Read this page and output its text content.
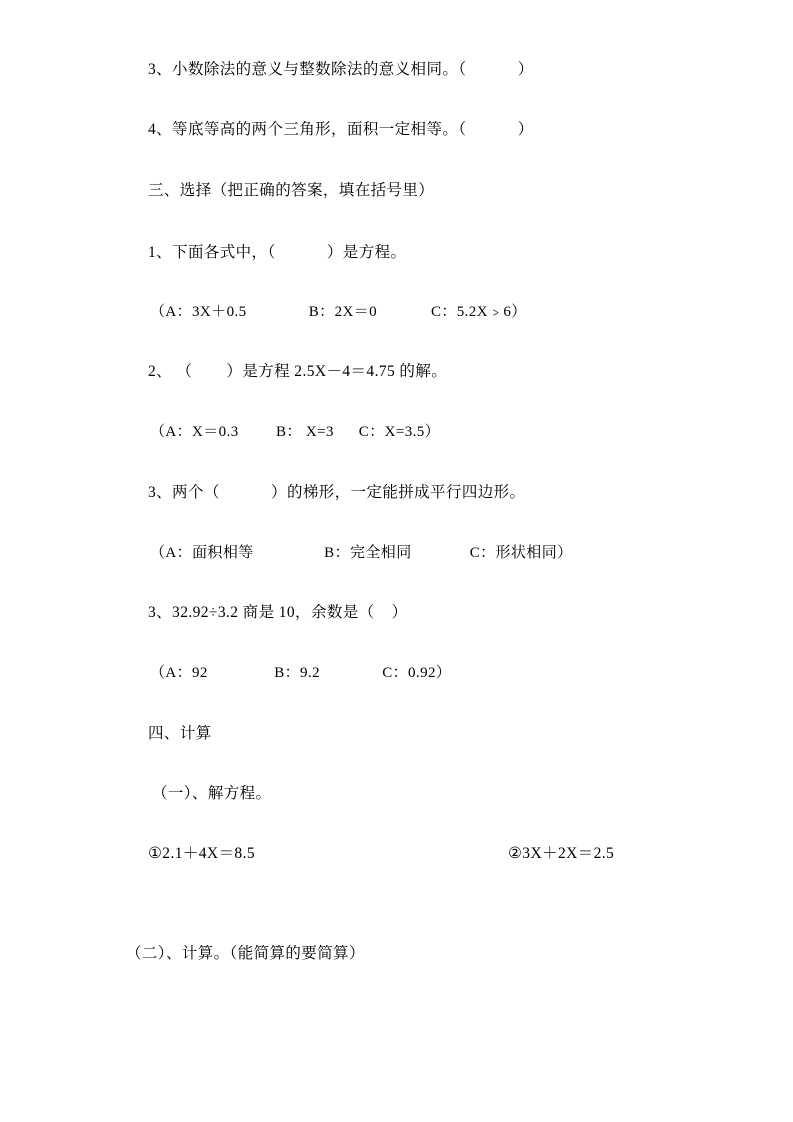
3、小数除法的意义与整数除法的意义相同。（            ）
4、等底等高的两个三角形，面积一定相等。（            ）
三、选择（把正确的答案，填在括号里）
1、下面各式中，（            ）是方程。
（A：3X＋0.5               B：2X＝0             C：5.2X﹥6）
2、 （        ）是方程 2.5X－4＝4.75 的解。
（A：X＝0.3         B： X=3      C：X=3.5）
3、两个（            ）的梯形，一定能拼成平行四边形。
（A：面积相等                 B：完全相同              C：形状相同）
3、32.92÷3.2 商是 10，余数是（    ）
（A：92                B：9.2               C：0.92）
四、计算
（一）、解方程。
①2.1＋4X＝8.5	②3X＋2X＝2.5
（二）、计算。（能简算的要简算）
